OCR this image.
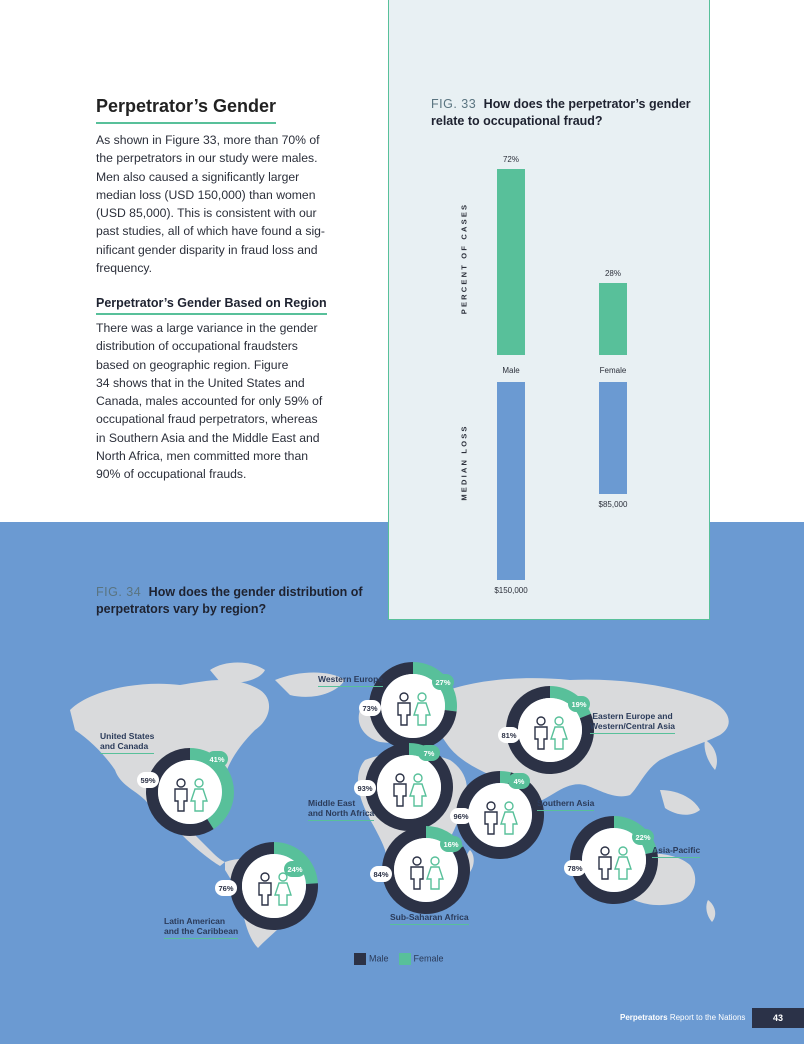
Perpetrator’s Gender
As shown in Figure 33, more than 70% of
the perpetrators in our study were males.
Men also caused a significantly larger
median loss (USD 150,000) than women
(USD 85,000). This is consistent with our
past studies, all of which have found a sig-
nificant gender disparity in fraud loss and
frequency.
Perpetrator’s Gender Based on Region
There was a large variance in the gender
distribution of occupational fraudsters
based on geographic region. Figure
34 shows that in the United States and
Canada, males accounted for only 59% of
occupational fraud perpetrators, whereas
in Southern Asia and the Middle East and
North Africa, men committed more than
90% of occupational frauds.
FIG. 33 How does the perpetrator’s gender relate to occupational fraud?
PERCENT OF CASES
MEDIAN LOSS
72%
Male
28%
Female
$150,000
$85,000
FIG. 34 How does the gender distribution of perpetrators vary by region?
United States
and Canada
59%
41%
Latin American
and the Caribbean
76%
24%
Western Europe
73%
27%
Middle East
and North Africa
93%
7%
Sub-Saharan Africa
84%
16%
Eastern Europe and
Western/Central Asia
81%
19%
Southern Asia
96%
4%
Asia-Pacific
78%
22%
Male	Female
Perpetrators Report to the Nations	43
